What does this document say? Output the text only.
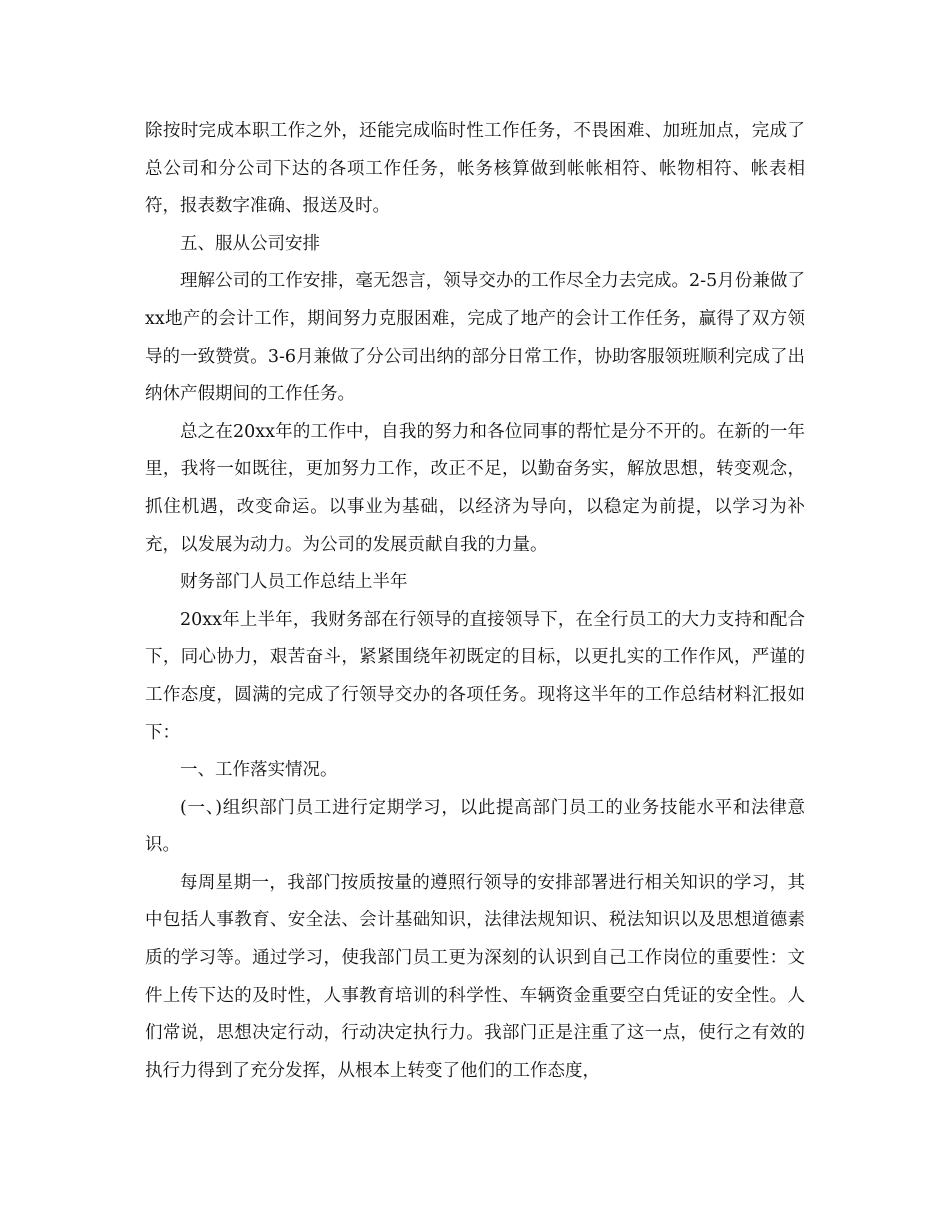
除按时完成本职工作之外，还能完成临时性工作任务，不畏困难、加班加点，完成了总公司和分公司下达的各项工作任务，帐务核算做到帐帐相符、帐物相符、帐表相符，报表数字准确、报送及时。

五、服从公司安排

理解公司的工作安排，毫无怨言，领导交办的工作尽全力去完成。2-5月份兼做了xx地产的会计工作，期间努力克服困难，完成了地产的会计工作任务，赢得了双方领导的一致赞赏。3-6月兼做了分公司出纳的部分日常工作，协助客服领班顺利完成了出纳休产假期间的工作任务。

总之在20xx年的工作中，自我的努力和各位同事的帮忙是分不开的。在新的一年里，我将一如既往，更加努力工作，改正不足，以勤奋务实，解放思想，转变观念，抓住机遇，改变命运。以事业为基础，以经济为导向，以稳定为前提，以学习为补充，以发展为动力。为公司的发展贡献自我的力量。

财务部门人员工作总结上半年

20xx年上半年，我财务部在行领导的直接领导下，在全行员工的大力支持和配合下，同心协力，艰苦奋斗，紧紧围绕年初既定的目标，以更扎实的工作作风，严谨的工作态度，圆满的完成了行领导交办的各项任务。现将这半年的工作总结材料汇报如下：

一、工作落实情况。

(一、)组织部门员工进行定期学习，以此提高部门员工的业务技能水平和法律意识。

每周星期一，我部门按质按量的遵照行领导的安排部署进行相关知识的学习，其中包括人事教育、安全法、会计基础知识，法律法规知识、税法知识以及思想道德素质的学习等。通过学习，使我部门员工更为深刻的认识到自己工作岗位的重要性：文件上传下达的及时性，人事教育培训的科学性、车辆资金重要空白凭证的安全性。人们常说，思想决定行动，行动决定执行力。我部门正是注重了这一点，使行之有效的执行力得到了充分发挥，从根本上转变了他们的工作态度，
